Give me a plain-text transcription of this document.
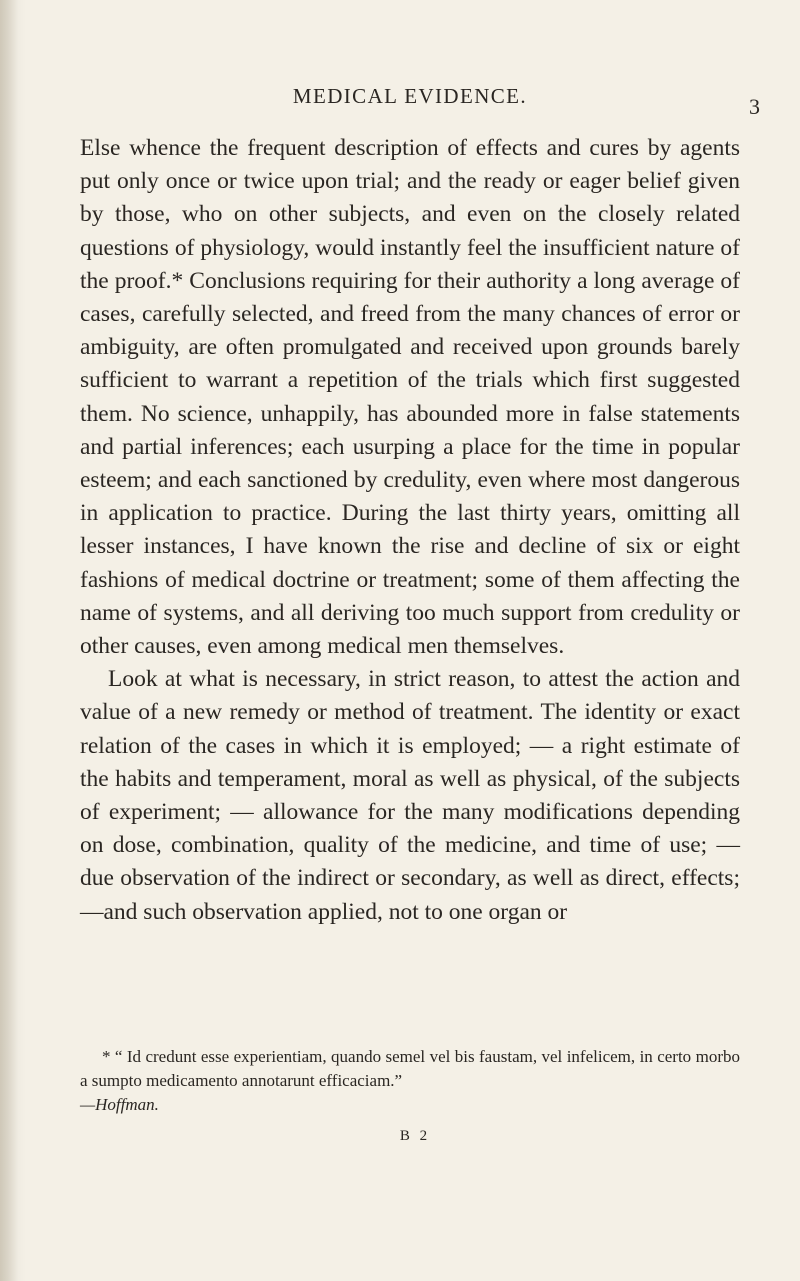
MEDICAL EVIDENCE.	3

Else whence the frequent description of effects and cures by agents put only once or twice upon trial; and the ready or eager belief given by those, who on other subjects, and even on the closely related questions of physiology, would instantly feel the insufficient nature of the proof.* Conclusions requiring for their authority a long average of cases, carefully selected, and freed from the many chances of error or ambiguity, are often promulgated and received upon grounds barely sufficient to warrant a repetition of the trials which first suggested them. No science, unhappily, has abounded more in false statements and partial inferences; each usurping a place for the time in popular esteem; and each sanctioned by credulity, even where most dangerous in application to practice. During the last thirty years, omitting all lesser instances, I have known the rise and decline of six or eight fashions of medical doctrine or treatment; some of them affecting the name of systems, and all deriving too much support from credulity or other causes, even among medical men themselves.

Look at what is necessary, in strict reason, to attest the action and value of a new remedy or method of treatment. The identity or exact relation of the cases in which it is employed; — a right estimate of the habits and temperament, moral as well as physical, of the subjects of experiment; — allowance for the many modifications depending on dose, combination, quality of the medicine, and time of use; — due observation of the indirect or secondary, as well as direct, effects; —and such observation applied, not to one organ or

* “ Id credunt esse experientiam, quando semel vel bis faustam, vel infelicem, in certo morbo a sumpto medicamento annotarunt efficaciam.”

—Hoffman.

B 2
